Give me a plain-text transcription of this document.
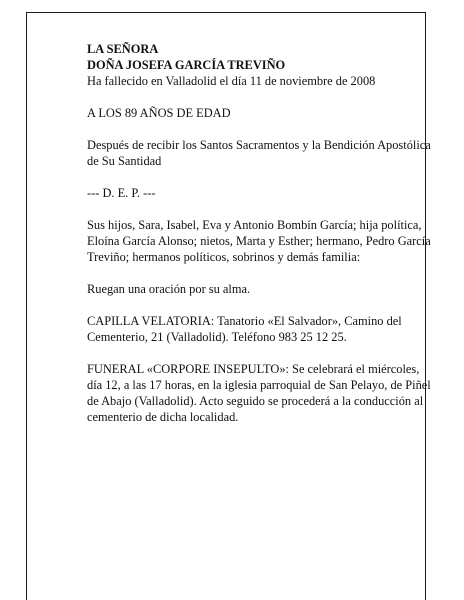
LA SEÑORA
DOÑA JOSEFA GARCÍA TREVIÑO

Ha fallecido en Valladolid el día 11 de noviembre de 2008

A LOS 89 AÑOS DE EDAD

Después de recibir los Santos Sacramentos y la Bendición Apostólica de Su Santidad

--- D. E. P. ---

Sus hijos, Sara, Isabel, Eva y Antonio Bombín García; hija política, Eloína García Alonso; nietos, Marta y Esther; hermano, Pedro García Treviño; hermanos políticos, sobrinos y demás familia:

Ruegan una oración por su alma.

CAPILLA VELATORIA: Tanatorio «El Salvador», Camino del Cementerio, 21 (Valladolid). Teléfono 983 25 12 25.

FUNERAL «CORPORE INSEPULTO»: Se celebrará el miércoles, día 12, a las 17 horas, en la iglesia parroquial de San Pelayo, de Piñel de Abajo (Valladolid). Acto seguido se procederá a la conducción al cementerio de dicha localidad.
